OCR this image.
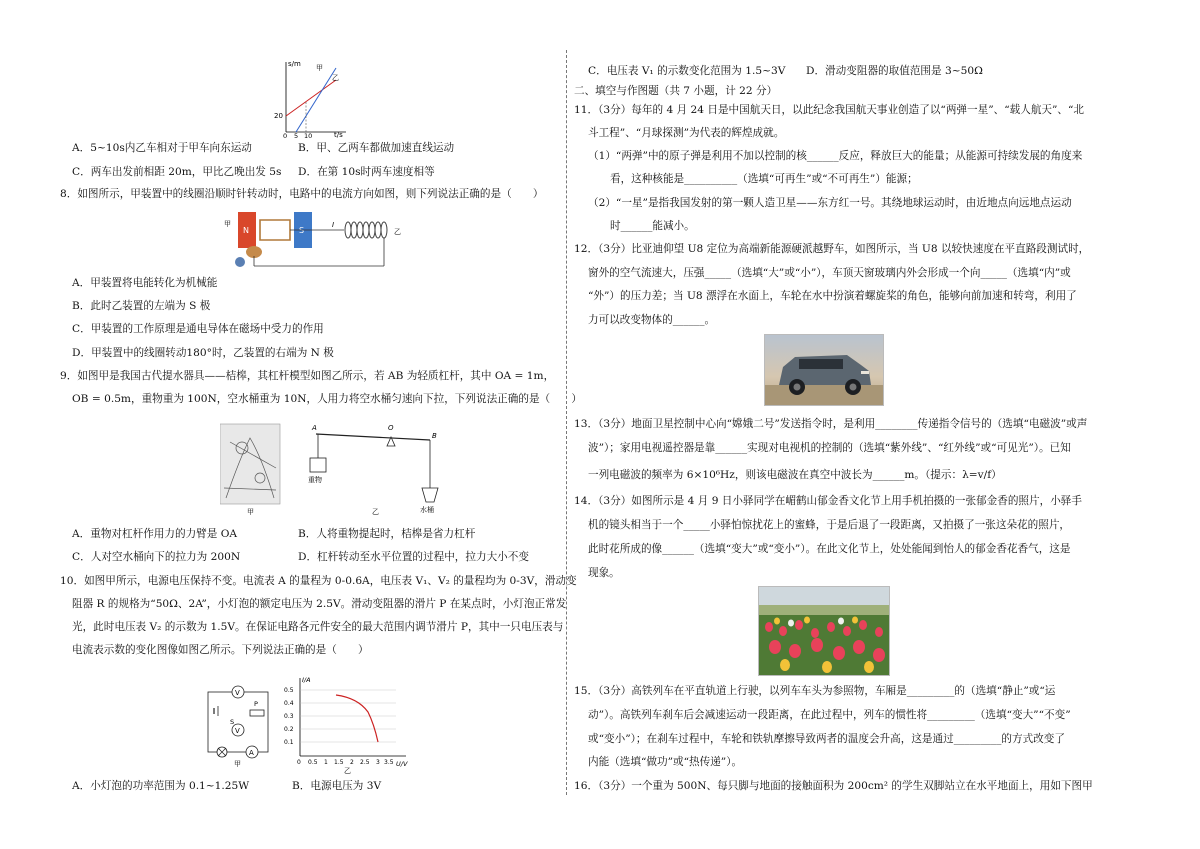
s/m
t/s
20
0 5 10
甲
乙
A．5~10s内乙车相对于甲车向东运动	B．甲、乙两车都做加速直线运动
C．两车出发前相距 20m，甲比乙晚出发 5s D．在第 10s时两车速度相等
8．如图所示，甲装置中的线圈沿顺时针转动时，电路中的电流方向如图，则下列说法正确的是（　　）
甲
N	S
I
乙
A．甲装置将电能转化为机械能
B．此时乙装置的左端为 S 极
C．甲装置的工作原理是通电导体在磁场中受力的作用
D．甲装置中的线圈转动180°时，乙装置的右端为 N 极
9．如图甲是我国古代提水器具——桔槔，其杠杆模型如图乙所示，若 AB 为轻质杠杆，其中 OA = 1m，
OB = 0.5m，重物重为 100N，空水桶重为 10N，人用力将空水桶匀速向下拉，下列说法正确的是（　　）
甲
A	O
B
重物
水桶
乙
A．重物对杠杆作用力的力臂是 OA	B．人将重物提起时，桔槔是省力杠杆
C．人对空水桶向下的拉力为 200N	D．杠杆转动至水平位置的过程中，拉力大小不变
10．如图甲所示，电源电压保持不变。电流表 A 的量程为 0-0.6A，电压表 V₁、V₂ 的量程均为 0-3V，滑动变
阻器 R 的规格为“50Ω、2A”，小灯泡的额定电压为 2.5V。滑动变阻器的滑片 P 在某点时，小灯泡正常发
光，此时电压表 V₂ 的示数为 1.5V。在保证电路各元件安全的最大范围内调节滑片 P，其中一只电压表与
电流表示数的变化图像如图乙所示。下列说法正确的是（　　）
V
S
P
V
A
甲
I/A
U/V
0.5
0.4
0.3
0.2
0.1
0 0.5 1 1.5 2 2.5 3 3.5
乙
A．小灯泡的功率范围为 0.1~1.25W	B．电源电压为 3V
C．电压表 V₁ 的示数变化范围为 1.5~3V D．滑动变阻器的取值范围是 3~50Ω
二、填空与作图题（共 7 小题，计 22 分）
11．（3分）每年的 4 月 24 日是中国航天日，以此纪念我国航天事业创造了以“两弹一星”、“载人航天”、“北
斗工程”、“月球探测”为代表的辉煌成就。
（1）“两弹”中的原子弹是利用不加以控制的核______反应，释放巨大的能量；从能源可持续发展的角度来
看，这种核能是__________（选填“可再生”或“不可再生”）能源；
（2）“一星”是指我国发射的第一颗人造卫星——东方红一号。其绕地球运动时，由近地点向远地点运动
时______能减小。
12．（3分）比亚迪仰望 U8 定位为高端新能源硬派越野车，如图所示，当 U8 以较快速度在平直路段测试时，
窗外的空气流速大，压强_____（选填“大”或“小”），车顶天窗玻璃内外会形成一个向_____（选填“内”或
“外”）的压力差；当 U8 漂浮在水面上，车轮在水中扮演着螺旋桨的角色，能够向前加速和转弯，利用了
力可以改变物体的______。
13．（3分）地面卫星控制中心向“嫦娥二号”发送指令时，是利用________传递指令信号的（选填“电磁波”或声
波”）；家用电视遥控器是靠______实现对电视机的控制的（选填“紫外线”、“红外线”或“可见光”）。已知
一列电磁波的频率为 6×10⁶Hz，则该电磁波在真空中波长为______m。（提示：λ=v/f）
14．（3分）如图所示是 4 月 9 日小驿同学在嵋鹤山郁金香文化节上用手机拍摄的一张郁金香的照片，小驿手
机的镜头相当于一个_____小驿怕惊扰花上的蜜蜂，于是后退了一段距离，又拍摄了一张这朵花的照片，
此时花所成的像______（选填“变大”或“变小”）。在此文化节上，处处能闻到怡人的郁金香花香气，这是
现象。
15．（3分）高铁列车在平直轨道上行驶，以列车车头为参照物，车厢是_________的（选填“静止”或“运
动”）。高铁列车刹车后会减速运动一段距离，在此过程中，列车的惯性将_________（选填“变大”“不变”
或“变小”）；在刹车过程中，车轮和铁轨摩擦导致两者的温度会升高，这是通过_________的方式改变了
内能（选填“做功”或“热传递”）。
16．（3分）一个重为 500N、每只脚与地面的接触面积为 200cm² 的学生双脚站立在水平地面上，用如下图甲
